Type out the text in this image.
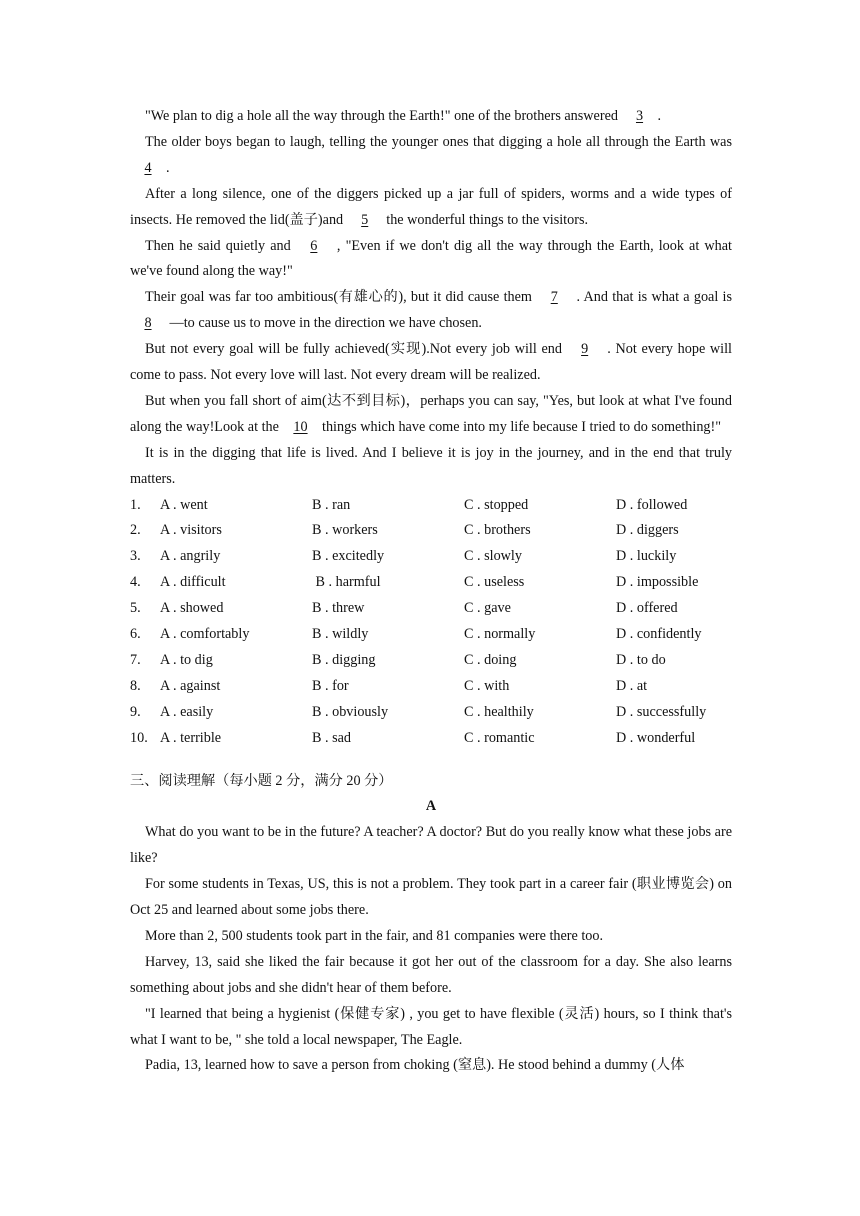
"We plan to dig a hole all the way through the Earth!" one of the brothers answered 3 .

The older boys began to laugh, telling the younger ones that digging a hole all through the Earth was 4 .

After a long silence, one of the diggers picked up a jar full of spiders, worms and a wide types of insects. He removed the lid(盖子)and 5 the wonderful things to the visitors.

Then he said quietly and 6 , "Even if we don't dig all the way through the Earth, look at what we've found along the way!"

Their goal was far too ambitious(有雄心的), but it did cause them 7 . And that is what a goal is 8 —to cause us to move in the direction we have chosen.

But not every goal will be fully achieved(实现).Not every job will end 9 . Not every hope will come to pass. Not every love will last. Not every dream will be realized.

But when you fall short of aim(达不到目标)，perhaps you can say, "Yes, but look at what I've found along the way!Look at the 10 things which have come into my life because I tried to do something!"

It is in the digging that life is lived. And I believe it is joy in the journey, and in the end that truly matters.

1.	A . went	B . ran	C . stopped	D . followed
2.	A . visitors	B . workers	C . brothers	D . diggers
3.	A . angrily	B . excitedly	C . slowly	D . luckily
4.	A . difficult	B . harmful	C . useless	D . impossible
5.	A . showed	B . threw	C . gave	D . offered
6.	A . comfortably	B . wildly	C . normally	D . confidently
7.	A . to dig	B . digging	C . doing	D . to do
8.	A . against	B . for	C . with	D . at
9.	A . easily	B . obviously	C . healthily	D . successfully
10. A . terrible	B . sad	C . romantic	D . wonderful
三、阅读理解（每小题 2 分，满分 20 分）
A

What do you want to be in the future? A teacher? A doctor? But do you really know what these jobs are like?

For some students in Texas, US, this is not a problem. They took part in a career fair (职业博览会) on Oct 25 and learned about some jobs there.

More than 2, 500 students took part in the fair, and 81 companies were there too.

Harvey, 13, said she liked the fair because it got her out of the classroom for a day. She also learns something about jobs and she didn't hear of them before.

"I learned that being a hygienist (保健专家) , you get to have flexible (灵活) hours, so I think that's what I want to be, " she told a local newspaper, The Eagle.

Padia, 13, learned how to save a person from choking (窒息). He stood behind a dummy (人体
